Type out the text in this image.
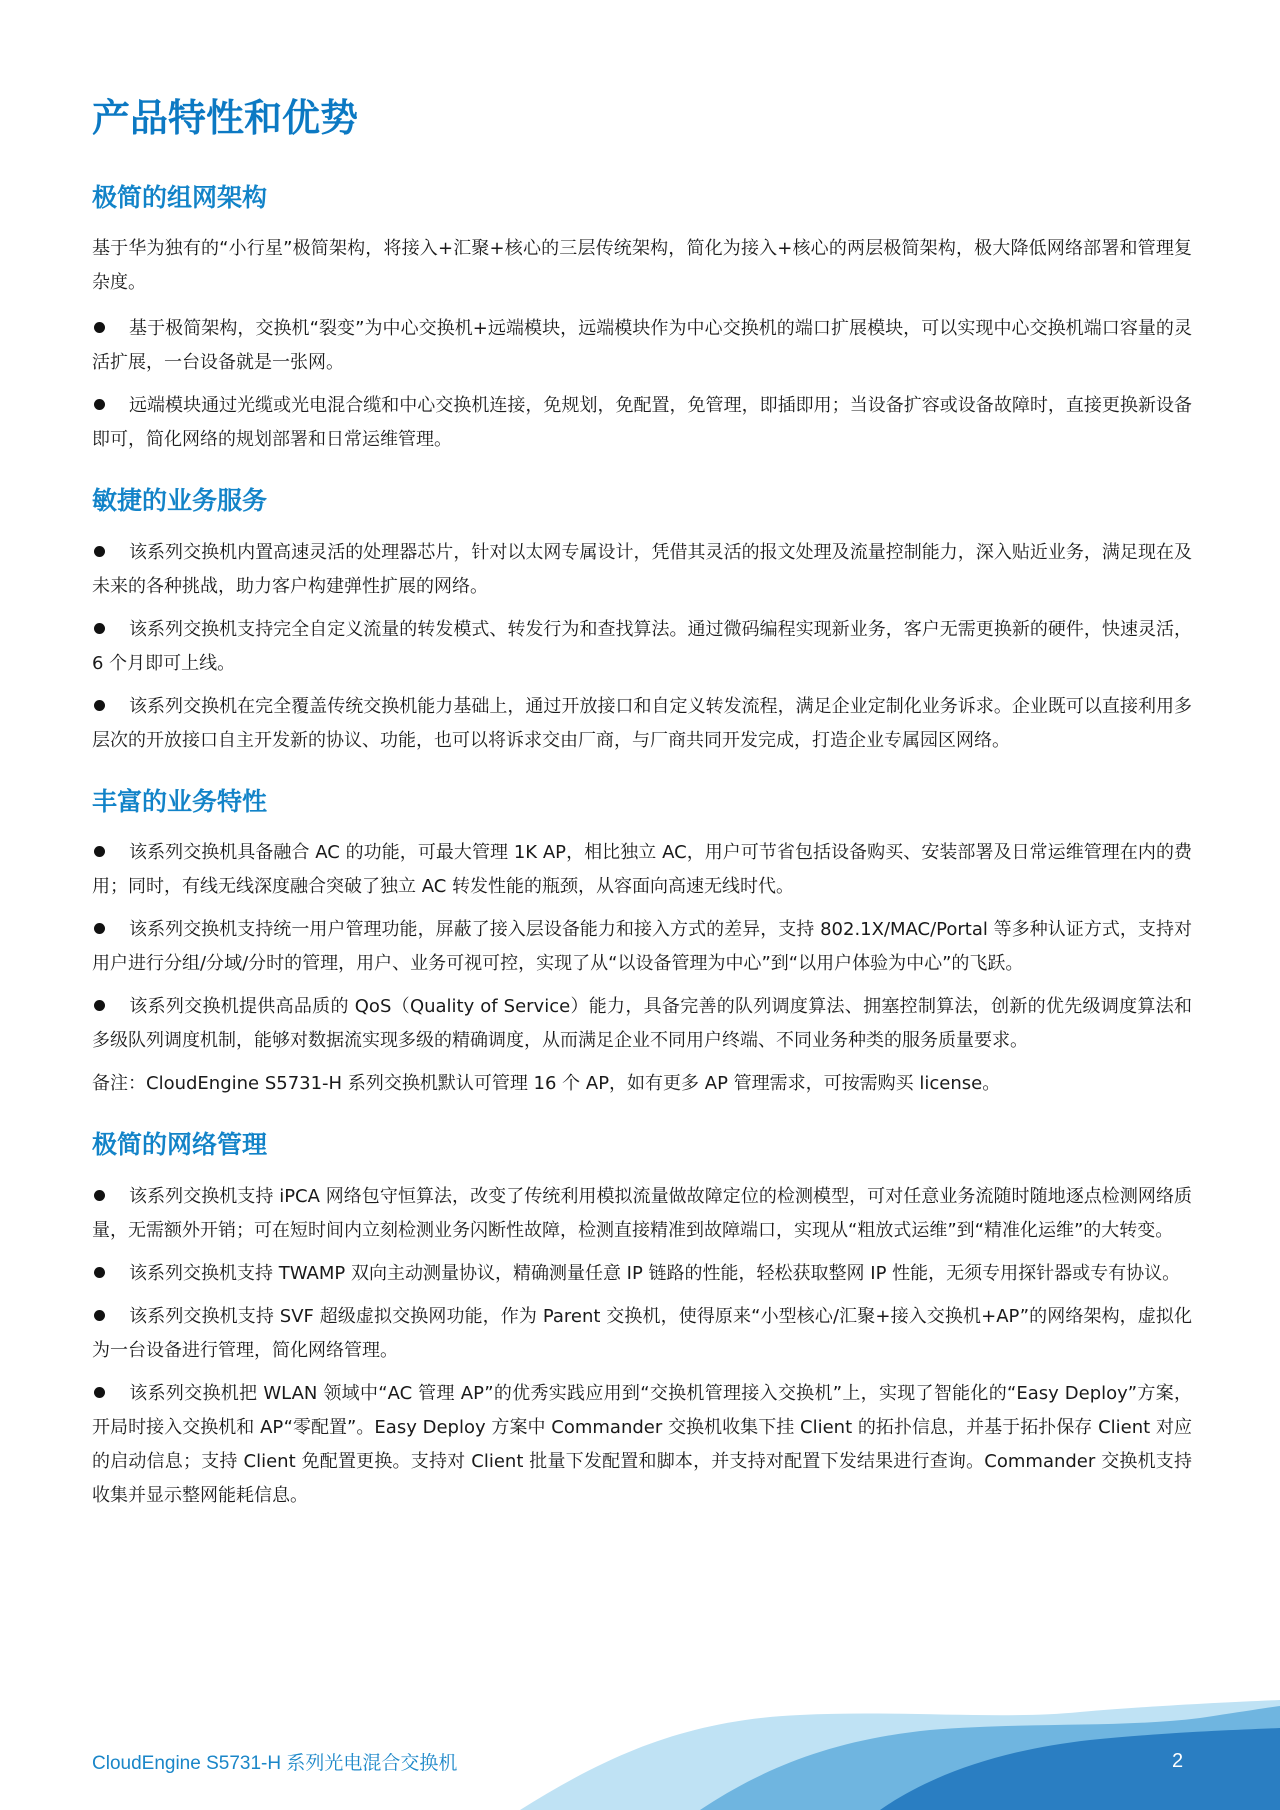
产品特性和优势
极简的组网架构

基于华为独有的“小行星”极简架构，将接入+汇聚+核心的三层传统架构，简化为接入+核心的两层极简架构，极大降低网络部署和管理复杂度。

基于极简架构，交换机“裂变”为中心交换机+远端模块，远端模块作为中心交换机的端口扩展模块，可以实现中心交换机端口容量的灵活扩展，一台设备就是一张网。
远端模块通过光缆或光电混合缆和中心交换机连接，免规划，免配置，免管理，即插即用；当设备扩容或设备故障时，直接更换新设备即可，简化网络的规划部署和日常运维管理。
敏捷的业务服务
该系列交换机内置高速灵活的处理器芯片，针对以太网专属设计，凭借其灵活的报文处理及流量控制能力，深入贴近业务，满足现在及未来的各种挑战，助力客户构建弹性扩展的网络。
该系列交换机支持完全自定义流量的转发模式、转发行为和查找算法。通过微码编程实现新业务，客户无需更换新的硬件，快速灵活，6 个月即可上线。
该系列交换机在完全覆盖传统交换机能力基础上，通过开放接口和自定义转发流程，满足企业定制化业务诉求。企业既可以直接利用多层次的开放接口自主开发新的协议、功能，也可以将诉求交由厂商，与厂商共同开发完成，打造企业专属园区网络。
丰富的业务特性
该系列交换机具备融合 AC 的功能，可最大管理 1K AP，相比独立 AC，用户可节省包括设备购买、安装部署及日常运维管理在内的费用；同时，有线无线深度融合突破了独立 AC 转发性能的瓶颈，从容面向高速无线时代。
该系列交换机支持统一用户管理功能，屏蔽了接入层设备能力和接入方式的差异，支持 802.1X/MAC/Portal 等多种认证方式，支持对用户进行分组/分域/分时的管理，用户、业务可视可控，实现了从“以设备管理为中心”到“以用户体验为中心”的飞跃。
该系列交换机提供高品质的 QoS（Quality of Service）能力，具备完善的队列调度算法、拥塞控制算法，创新的优先级调度算法和多级队列调度机制，能够对数据流实现多级的精确调度，从而满足企业不同用户终端、不同业务种类的服务质量要求。

备注：CloudEngine S5731-H 系列交换机默认可管理 16 个 AP，如有更多 AP 管理需求，可按需购买 license。

极简的网络管理
该系列交换机支持 iPCA 网络包守恒算法，改变了传统利用模拟流量做故障定位的检测模型，可对任意业务流随时随地逐点检测网络质量，无需额外开销；可在短时间内立刻检测业务闪断性故障，检测直接精准到故障端口，实现从“粗放式运维”到“精准化运维”的大转变。
该系列交换机支持 TWAMP 双向主动测量协议，精确测量任意 IP 链路的性能，轻松获取整网 IP 性能，无须专用探针器或专有协议。
该系列交换机支持 SVF 超级虚拟交换网功能，作为 Parent 交换机，使得原来“小型核心/汇聚+接入交换机+AP”的网络架构，虚拟化为一台设备进行管理，简化网络管理。
该系列交换机把 WLAN 领域中“AC 管理 AP”的优秀实践应用到“交换机管理接入交换机”上，实现了智能化的“Easy Deploy”方案，开局时接入交换机和 AP“零配置”。Easy Deploy 方案中 Commander 交换机收集下挂 Client 的拓扑信息，并基于拓扑保存 Client 对应的启动信息；支持 Client 免配置更换。支持对 Client 批量下发配置和脚本，并支持对配置下发结果进行查询。Commander 交换机支持收集并显示整网能耗信息。
CloudEngine S5731-H 系列光电混合交换机	2
